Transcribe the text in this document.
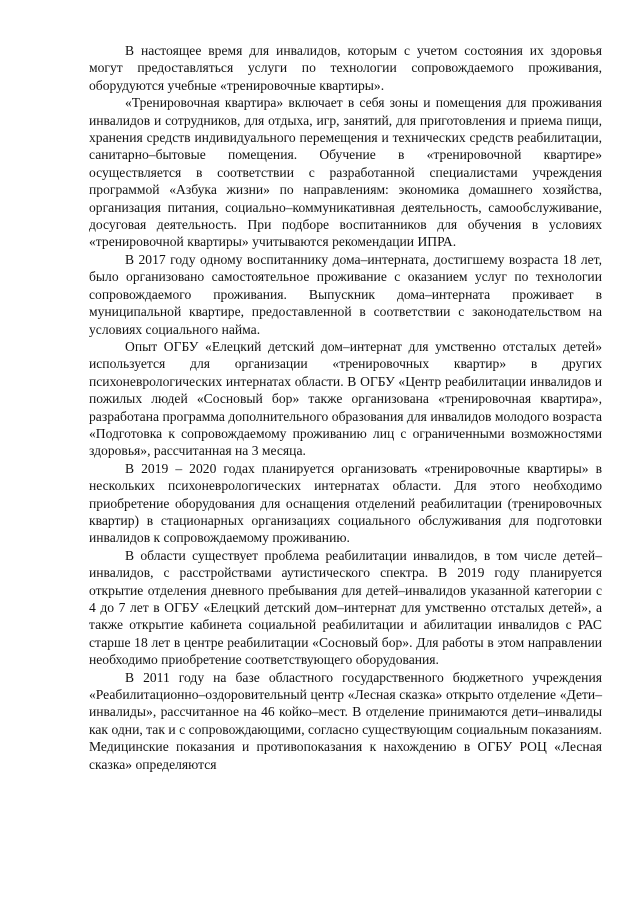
В настоящее время для инвалидов, которым с учетом состояния их здоровья могут предоставляться услуги по технологии сопровождаемого проживания, оборудуются учебные «тренировочные квартиры».

«Тренировочная квартира» включает в себя зоны и помещения для проживания инвалидов и сотрудников, для отдыха, игр, занятий, для приготовления и приема пищи, хранения средств индивидуального перемещения и технических средств реабилитации, санитарно–бытовые помещения. Обучение в «тренировочной квартире» осуществляется в соответствии с разработанной специалистами учреждения программой «Азбука жизни» по направлениям: экономика домашнего хозяйства, организация питания, социально–коммуникативная деятельность, самообслуживание, досуговая деятельность. При подборе воспитанников для обучения в условиях «тренировочной квартиры» учитываются рекомендации ИПРА.

В 2017 году одному воспитаннику дома–интерната, достигшему возраста 18 лет, было организовано самостоятельное проживание с оказанием услуг по технологии сопровождаемого проживания. Выпускник дома–интерната проживает в муниципальной квартире, предоставленной в соответствии с законодательством на условиях социального найма.

Опыт ОГБУ «Елецкий детский дом–интернат для умственно отсталых детей» используется для организации «тренировочных квартир» в других психоневрологических интернатах области. В ОГБУ «Центр реабилитации инвалидов и пожилых людей «Сосновый бор» также организована «тренировочная квартира», разработана программа дополнительного образования для инвалидов молодого возраста «Подготовка к сопровождаемому проживанию лиц с ограниченными возможностями здоровья», рассчитанная на 3 месяца.

В 2019 – 2020 годах планируется организовать «тренировочные квартиры» в нескольких психоневрологических интернатах области. Для этого необходимо приобретение оборудования для оснащения отделений реабилитации (тренировочных квартир) в стационарных организациях социального обслуживания для подготовки инвалидов к сопровождаемому проживанию.

В области существует проблема реабилитации инвалидов, в том числе детей–инвалидов, с расстройствами аутистического спектра. В 2019 году планируется открытие отделения дневного пребывания для детей–инвалидов указанной категории с 4 до 7 лет в ОГБУ «Елецкий детский дом–интернат для умственно отсталых детей», а также открытие кабинета социальной реабилитации и абилитации инвалидов с РАС старше 18 лет в центре реабилитации «Сосновый бор». Для работы в этом направлении необходимо приобретение соответствующего оборудования.

В 2011 году на базе областного государственного бюджетного учреждения «Реабилитационно–оздоровительный центр «Лесная сказка» открыто отделение «Дети–инвалиды», рассчитанное на 46 койко–мест. В отделение принимаются дети–инвалиды как одни, так и с сопровождающими, согласно существующим социальным показаниям. Медицинские показания и противопоказания к нахождению в ОГБУ РОЦ «Лесная сказка» определяются
